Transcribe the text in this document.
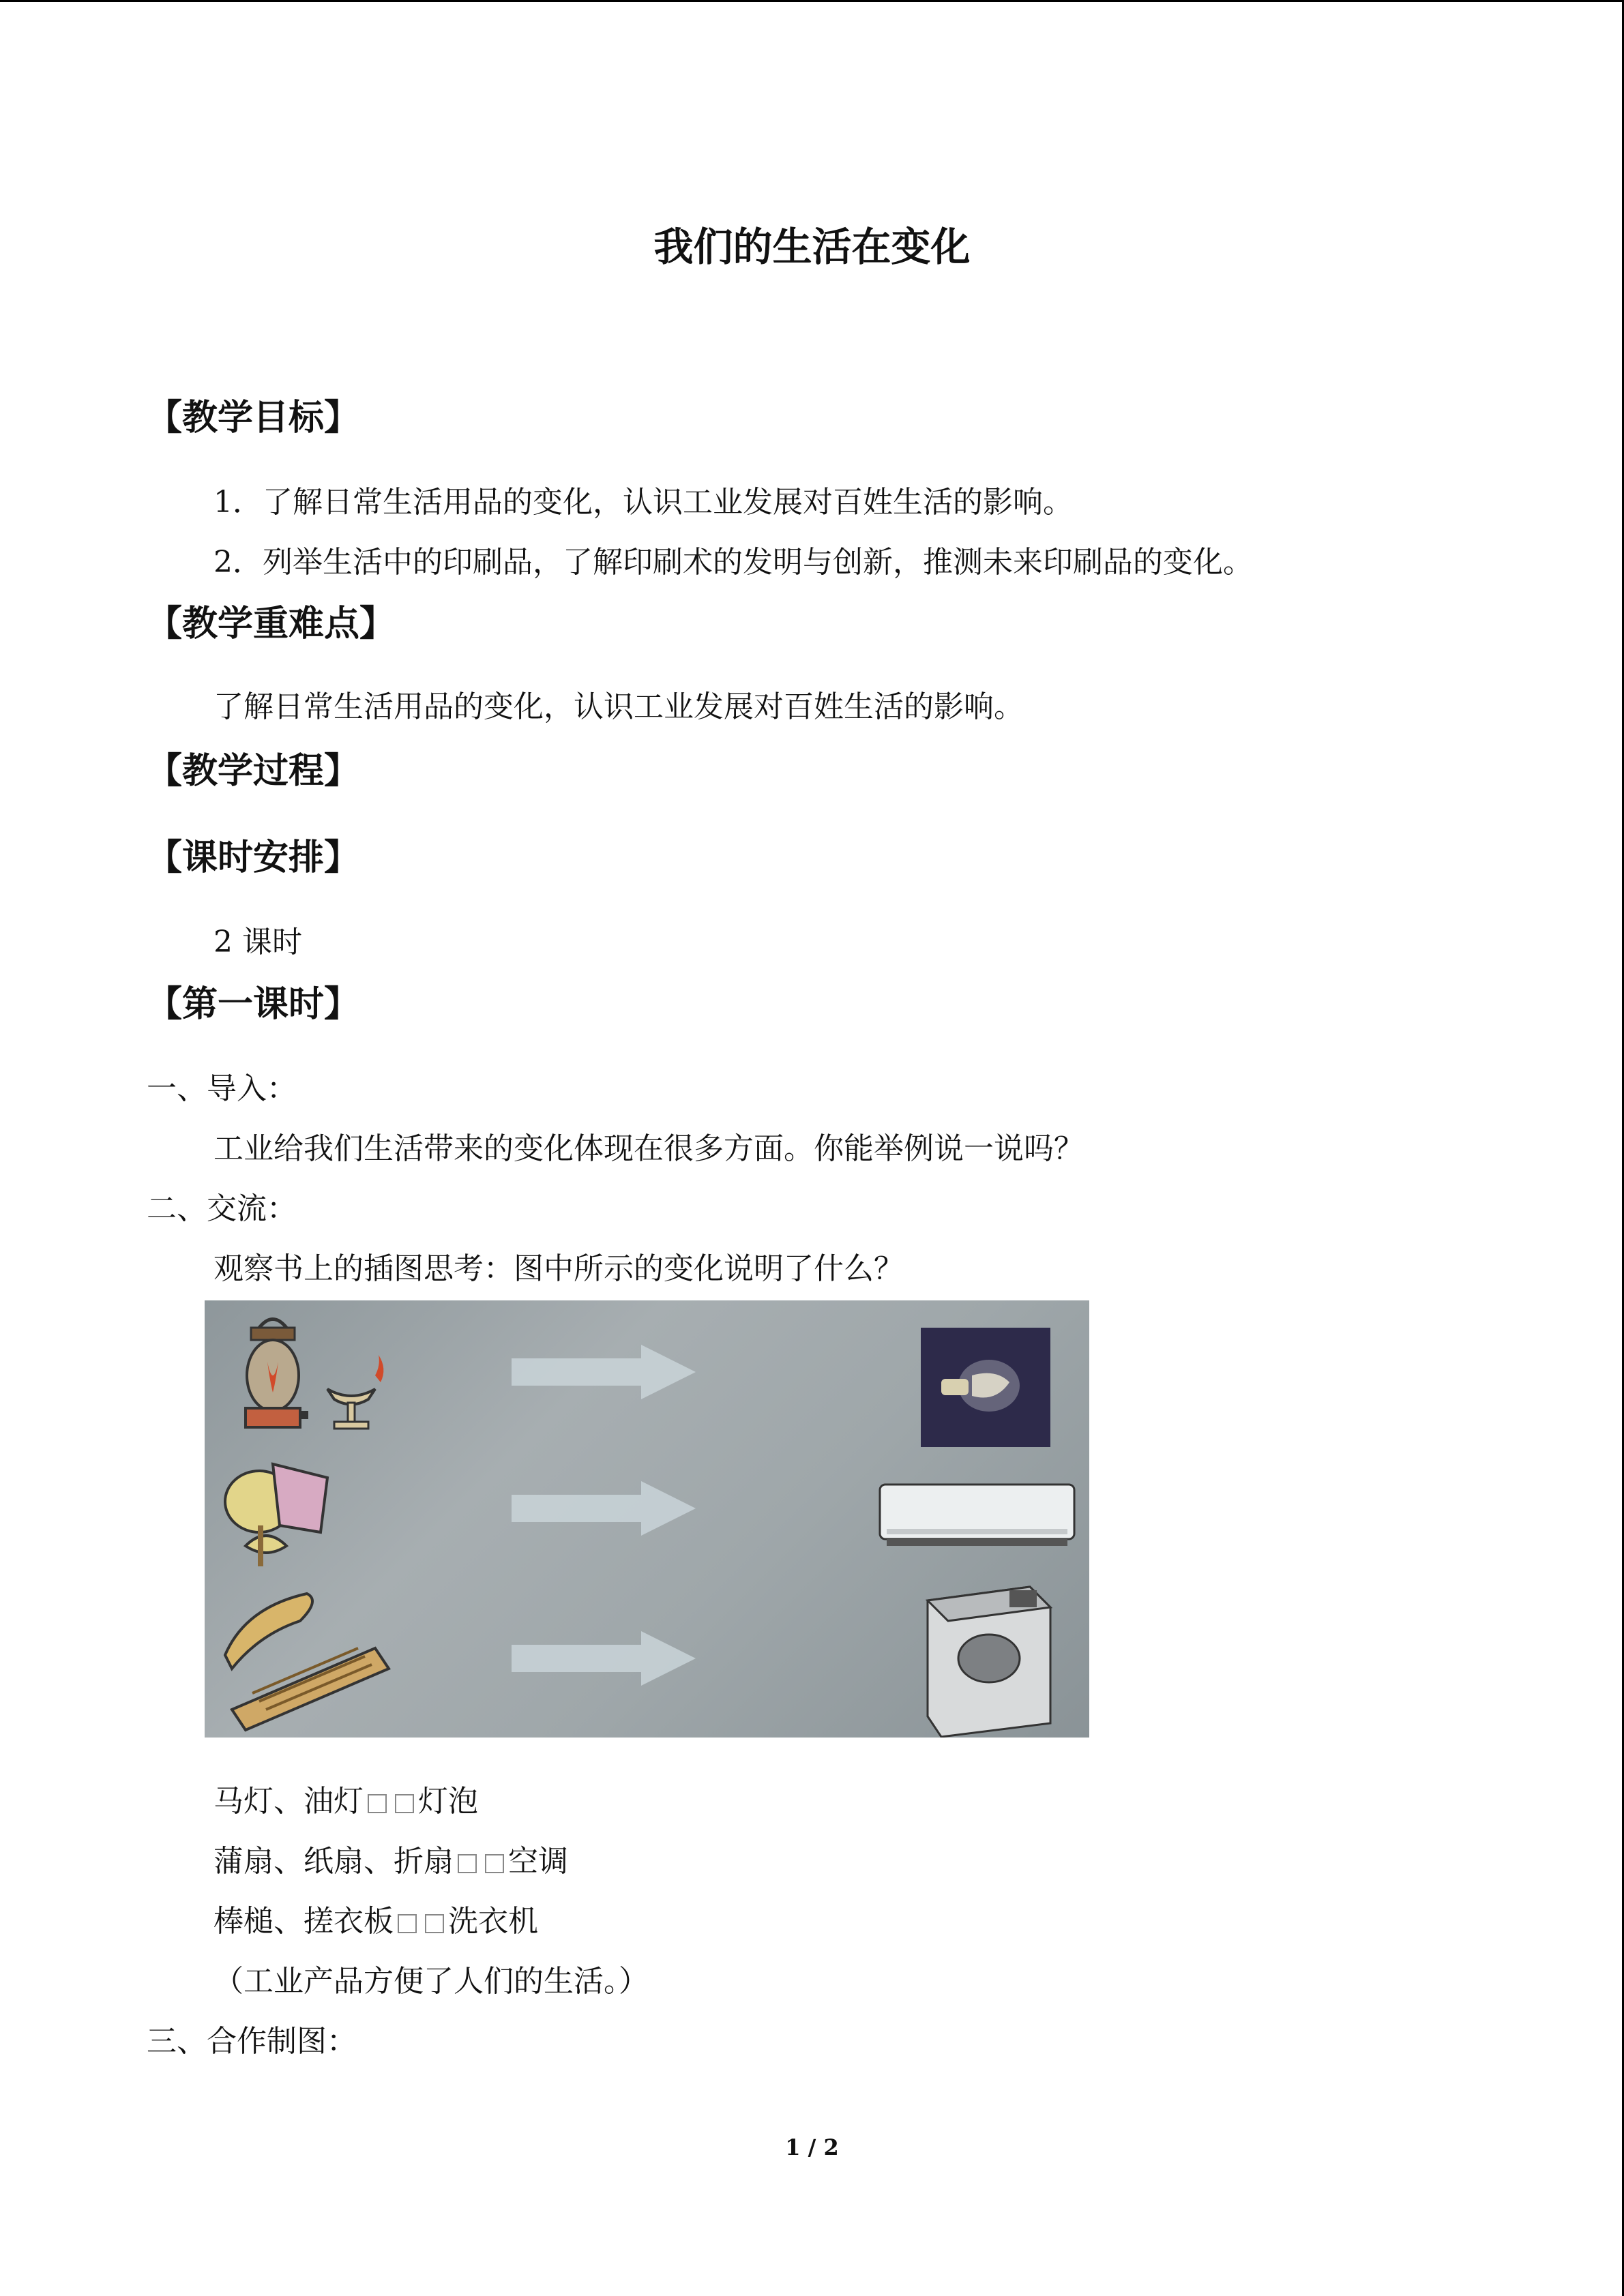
我们的生活在变化
【教学目标】
1．了解日常生活用品的变化，认识工业发展对百姓生活的影响。
2．列举生活中的印刷品，了解印刷术的发明与创新，推测未来印刷品的变化。
【教学重难点】
了解日常生活用品的变化，认识工业发展对百姓生活的影响。
【教学过程】
【课时安排】
2 课时
【第一课时】
一、导入：
工业给我们生活带来的变化体现在很多方面。你能举例说一说吗？
二、交流：
观察书上的插图思考：图中所示的变化说明了什么？
马灯、油灯 灯泡
蒲扇、纸扇、折扇 空调
棒槌、搓衣板 洗衣机
（工业产品方便了人们的生活。）
三、合作制图：
1 / 2
